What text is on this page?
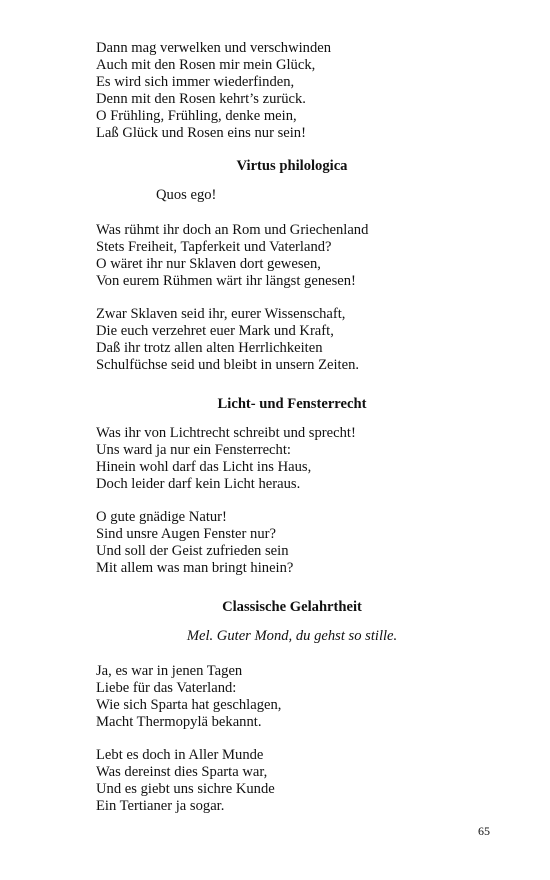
Dann mag verwelken und verschwinden
Auch mit den Rosen mir mein Glück,
Es wird sich immer wiederfinden,
Denn mit den Rosen kehrt’s zurück.
O Frühling, Frühling, denke mein,
Laß Glück und Rosen eins nur sein!
Virtus philologica
Quos ego!
Was rühmt ihr doch an Rom und Griechenland
Stets Freiheit, Tapferkeit und Vaterland?
O wäret ihr nur Sklaven dort gewesen,
Von eurem Rühmen wärt ihr längst genesen!
Zwar Sklaven seid ihr, eurer Wissenschaft,
Die euch verzehret euer Mark und Kraft,
Daß ihr trotz allen alten Herrlichkeiten
Schulfüchse seid und bleibt in unsern Zeiten.
Licht- und Fensterrecht
Was ihr von Lichtrecht schreibt und sprecht!
Uns ward ja nur ein Fensterrecht:
Hinein wohl darf das Licht ins Haus,
Doch leider darf kein Licht heraus.
O gute gnädige Natur!
Sind unsre Augen Fenster nur?
Und soll der Geist zufrieden sein
Mit allem was man bringt hinein?
Classische Gelahrtheit
Mel. Guter Mond, du gehst so stille.
Ja, es war in jenen Tagen
Liebe für das Vaterland:
Wie sich Sparta hat geschlagen,
Macht Thermopylä bekannt.
Lebt es doch in Aller Munde
Was dereinst dies Sparta war,
Und es giebt uns sichre Kunde
Ein Tertianer ja sogar.
65
